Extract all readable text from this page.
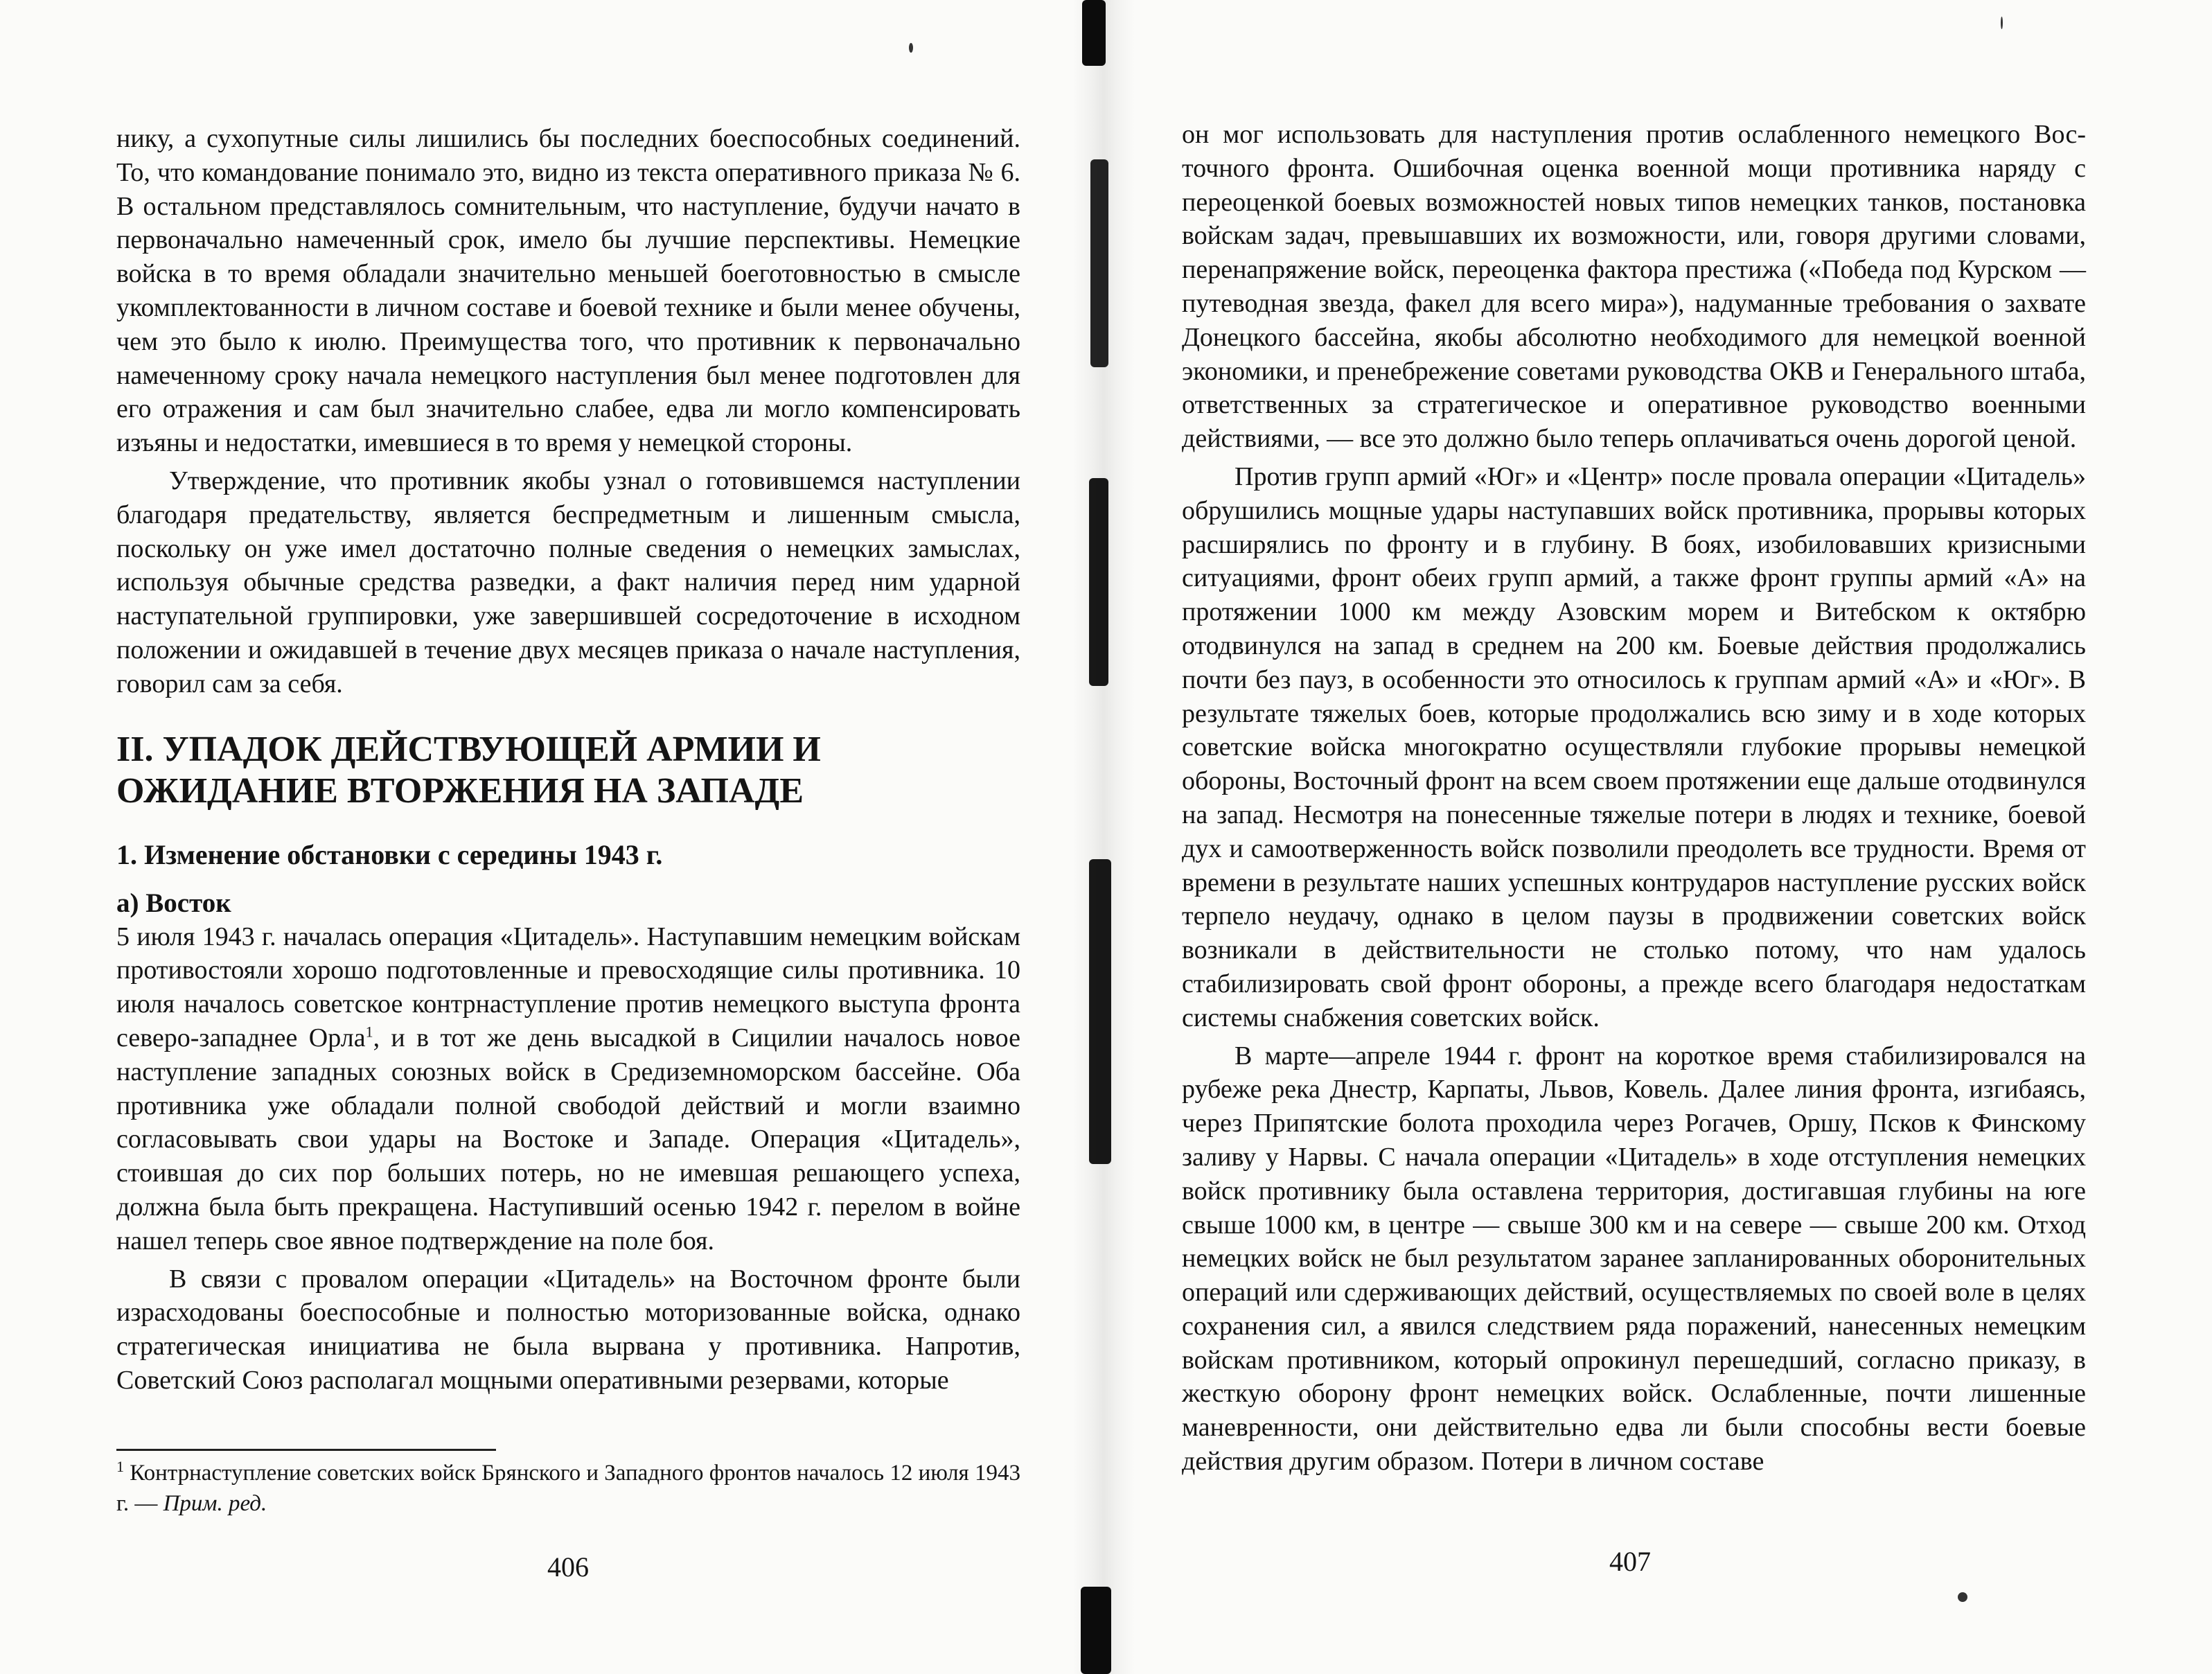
нику, а сухопутные силы лишились бы последних боеспособных соединений. То, что командование понимало это, видно из текста оперативного приказа № 6. В остальном представлялось сомнительным, что наступление, будучи начато в первоначально намеченный срок, имело бы лучшие перспективы. Немецкие войска в то время обладали значительно меньшей боеготовностью в смысле укомплектованности в личном составе и боевой технике и были менее обучены, чем это было к июлю. Преимущества того, что противник к первоначально намеченному сроку начала немецкого наступления был менее подготовлен для его отражения и сам был значительно слабее, едва ли могло компенсировать изъяны и недостатки, имевшиеся в то время у немецкой стороны.

Утверждение, что противник якобы узнал о готовившемся наступлении благодаря предательству, является беспредметным и лишенным смысла, поскольку он уже имел достаточно полные сведения о немецких замыслах, используя обычные средства разведки, а факт наличия перед ним ударной наступательной группировки, уже завершившей сосредоточение в исходном положении и ожидавшей в течение двух месяцев приказа о начале наступления, говорил сам за себя.

II. УПАДОК ДЕЙСТВУЮЩЕЙ АРМИИ И ОЖИДАНИЕ ВТОРЖЕНИЯ НА ЗАПАДЕ
1. Изменение обстановки с середины 1943 г.
а) Восток

5 июля 1943 г. началась операция «Цитадель». Наступавшим немецким войскам противостояли хорошо подготовленные и превосходящие силы противника. 10 июля началось советское контрнаступление против немецкого выступа фронта северо-западнее Орла$^1$, и в тот же день высадкой в Сицилии началось новое наступление западных союзных войск в Средиземноморском бассейне. Оба противника уже обладали полной свободой действий и могли взаимно согласовывать свои удары на Востоке и Западе. Операция «Цитадель», стоившая до сих пор больших потерь, но не имевшая решающего успеха, должна была быть прекращена. Наступивший осенью 1942 г. перелом в войне нашел теперь свое явное подтверждение на поле боя.

В связи с провалом операции «Цитадель» на Восточном фронте были израсходованы боеспособные и полностью моторизованные войска, однако стратегическая инициатива не была вырвана у противника. Напротив, Советский Союз располагал мощными оперативными резервами, которые

$^1$ Контрнаступление советских войск Брянского и Западного фронтов началось 12 июля 1943 г. — Прим. ред.
406

он мог использовать для наступления против ослабленного немецкого Восточного фронта. Ошибочная оценка военной мощи противника наряду с переоценкой боевых возможностей новых типов немецких танков, постановка войскам задач, превышавших их возможности, или, говоря другими словами, перенапряжение войск, переоценка фактора престижа («Победа под Курском — путеводная звезда, факел для всего мира»), надуманные требования о захвате Донецкого бассейна, якобы абсолютно необходимого для немецкой военной экономики, и пренебрежение советами руководства ОКВ и Генерального штаба, ответственных за стратегическое и оперативное руководство военными действиями, — все это должно было теперь оплачиваться очень дорогой ценой.

Против групп армий «Юг» и «Центр» после провала операции «Цитадель» обрушились мощные удары наступавших войск противника, прорывы которых расширялись по фронту и в глубину. В боях, изобиловавших кризисными ситуациями, фронт обеих групп армий, а также фронт группы армий «А» на протяжении 1000 км между Азовским морем и Витебском к октябрю отодвинулся на запад в среднем на 200 км. Боевые действия продолжались почти без пауз, в особенности это относилось к группам армий «А» и «Юг». В результате тяжелых боев, которые продолжались всю зиму и в ходе которых советские войска многократно осуществляли глубокие прорывы немецкой обороны, Восточный фронт на всем своем протяжении еще дальше отодвинулся на запад. Несмотря на понесенные тяжелые потери в людях и технике, боевой дух и самоотверженность войск позволили преодолеть все трудности. Время от времени в результате наших успешных контрударов наступление русских войск терпело неудачу, однако в целом паузы в продвижении советских войск возникали в действительности не столько потому, что нам удалось стабилизировать свой фронт обороны, а прежде всего благодаря недостаткам системы снабжения советских войск.

В марте—апреле 1944 г. фронт на короткое время стабилизировался на рубеже река Днестр, Карпаты, Львов, Ковель. Далее линия фронта, изгибаясь, через Припятские болота проходила через Рогачев, Оршу, Псков к Финскому заливу у Нарвы. С начала операции «Цитадель» в ходе отступления немецких войск противнику была оставлена территория, достигавшая глубины на юге свыше 1000 км, в центре — свыше 300 км и на севере — свыше 200 км. Отход немецких войск не был результатом заранее запланированных оборонительных операций или сдерживающих действий, осуществляемых по своей воле в целях сохранения сил, а явился следствием ряда поражений, нанесенных немецким войскам противником, который опрокинул перешедший, согласно приказу, в жесткую оборону фронт немецких войск. Ослабленные, почти лишенные маневренности, они действительно едва ли были способны вести боевые действия другим образом. Потери в личном составе

407
